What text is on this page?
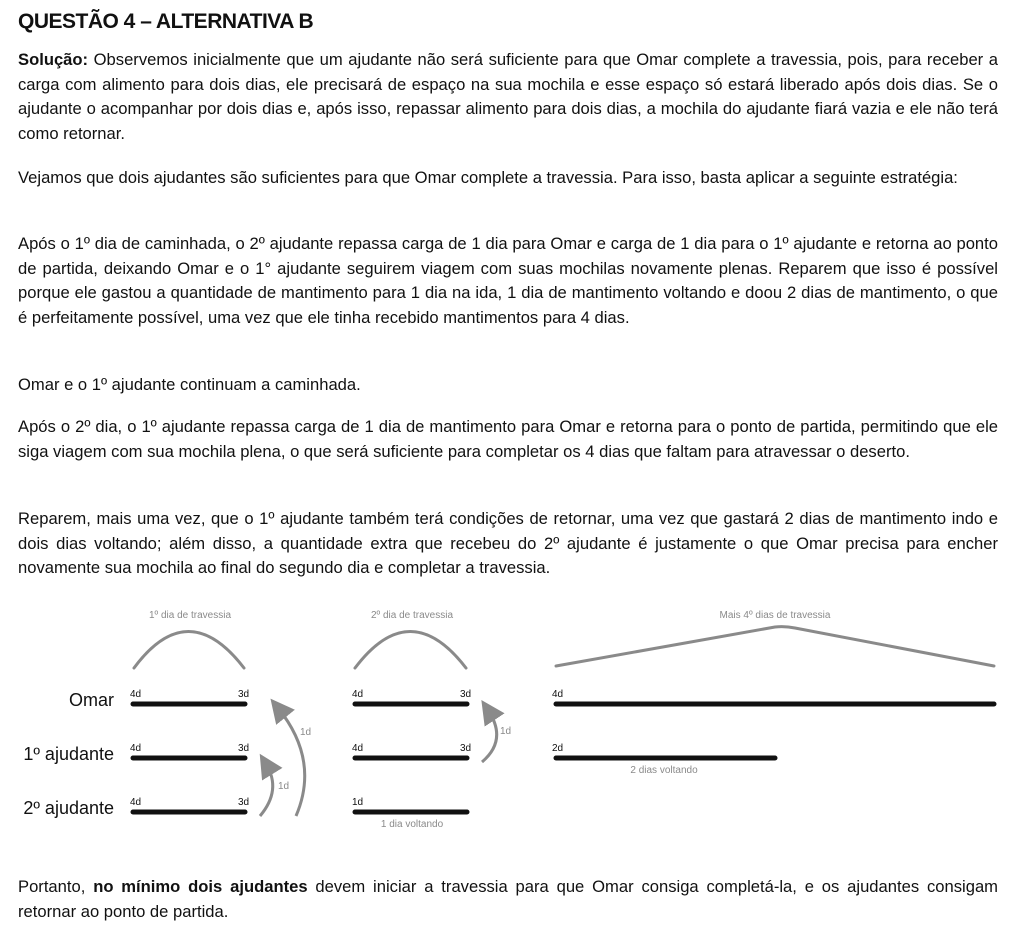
QUESTÃO 4 – ALTERNATIVA B

Solução: Observemos inicialmente que um ajudante não será suficiente para que Omar complete a travessia, pois, para receber a carga com alimento para dois dias, ele precisará de espaço na sua mochila e esse espaço só estará liberado após dois dias. Se o ajudante o acompanhar por dois dias e, após isso, repassar alimento para dois dias, a mochila do ajudante fiará vazia e ele não terá como retornar.

Vejamos que dois ajudantes são suficientes para que Omar complete a travessia. Para isso, basta aplicar a seguinte estratégia:

Após o 1º dia de caminhada, o 2º ajudante repassa carga de 1 dia para Omar e carga de 1 dia para o 1º ajudante e retorna ao ponto de partida, deixando Omar e o 1° ajudante seguirem viagem com suas mochilas novamente plenas. Reparem que isso é possível porque ele gastou a quantidade de mantimento para 1 dia na ida, 1 dia de mantimento voltando e doou 2 dias de mantimento, o que é perfeitamente possível, uma vez que ele tinha recebido mantimentos para 4 dias.

Omar e o 1º ajudante continuam a caminhada.

Após o 2º dia, o 1º ajudante repassa carga de 1 dia de mantimento para Omar e retorna para o ponto de partida, permitindo que ele siga viagem com sua mochila plena, o que será suficiente para completar os 4 dias que faltam para atravessar o deserto.

Reparem, mais uma vez, que o 1º ajudante também terá condições de retornar, uma vez que gastará 2 dias de mantimento indo e dois dias voltando; além disso, a quantidade extra que recebeu do 2º ajudante é justamente o que Omar precisa para encher novamente sua mochila ao final do segundo dia e completar a travessia.

Portanto, no mínimo dois ajudantes devem iniciar a travessia para que Omar consiga completá-la, e os ajudantes consigam retornar ao ponto de partida.

Omar
1º ajudante
2º ajudante
1º dia de travessia
4d	3d
4d	3d
4d	3d
1d
1d
2º dia de travessia
4d	3d
4d	3d
1d
1 dia voltando
1d
Mais 4º dias de travessia
4d
2d
2 dias voltando
